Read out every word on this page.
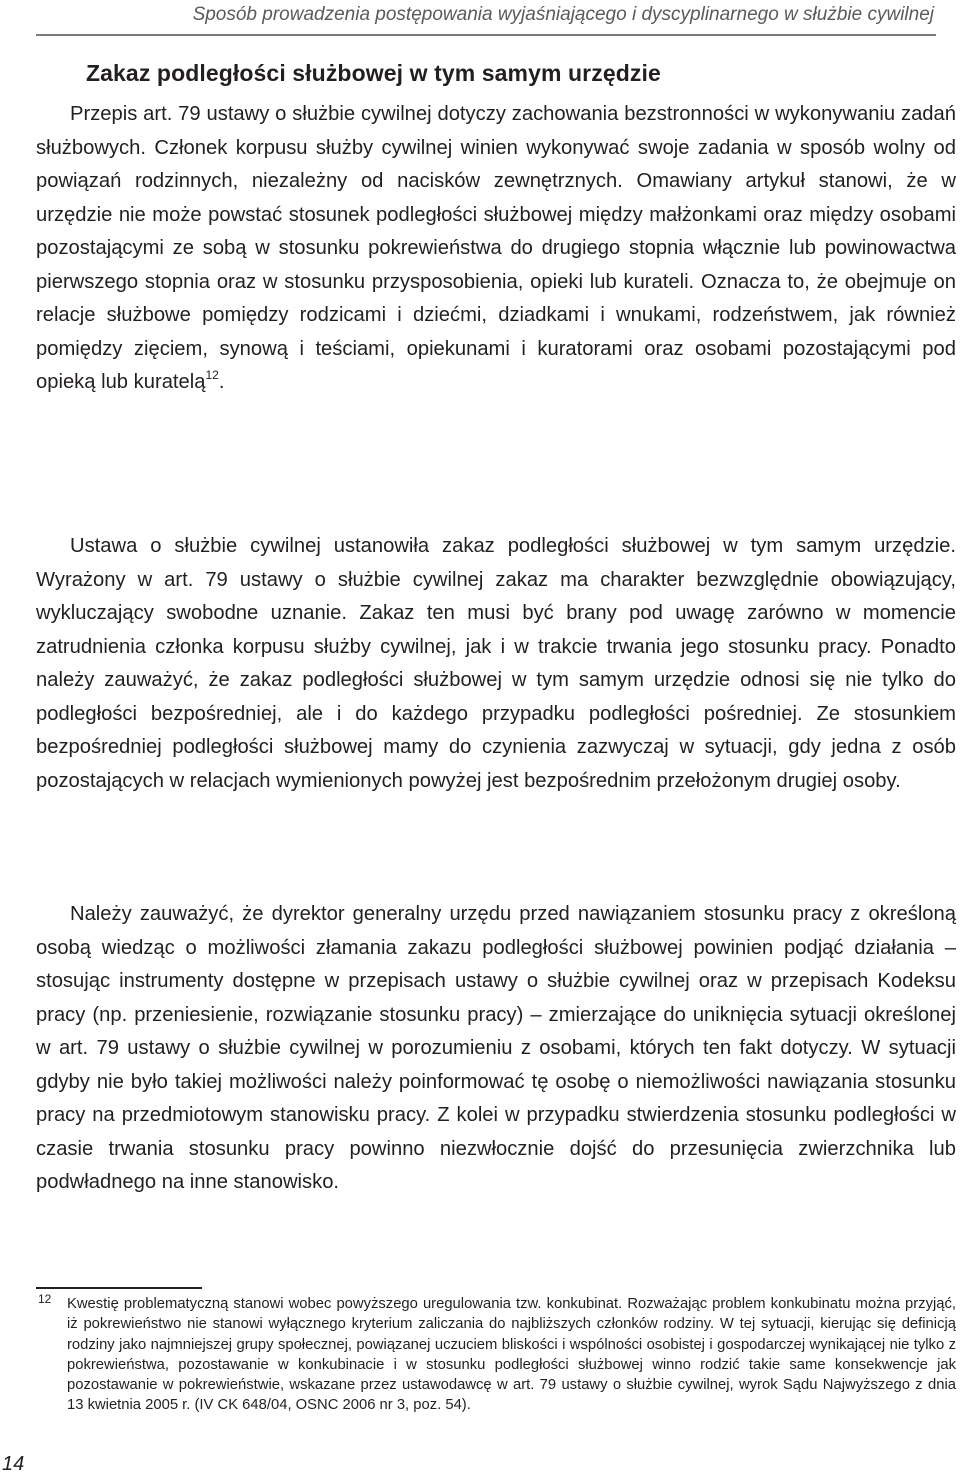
Sposób prowadzenia postępowania wyjaśniającego i dyscyplinarnego w służbie cywilnej
Zakaz podległości służbowej w tym samym urzędzie

Przepis art. 79 ustawy o służbie cywilnej dotyczy zachowania bezstronności w wykonywaniu zadań służbowych. Członek korpusu służby cywilnej winien wykonywać swoje zadania w sposób wolny od powiązań rodzinnych, niezależny od nacisków zewnętrznych. Omawiany artykuł stanowi, że w urzędzie nie może powstać stosunek podległości służbowej między małżonkami oraz między osobami pozostającymi ze sobą w stosunku pokrewieństwa do drugiego stopnia włącznie lub powinowactwa pierwszego stopnia oraz w stosunku przysposobienia, opieki lub kurateli. Oznacza to, że obejmuje on relacje służbowe pomiędzy rodzicami i dziećmi, dziadkami i wnukami, rodzeństwem, jak również pomiędzy zięciem, synową i teściami, opiekunami i kuratorami oraz osobami pozostającymi pod opieką lub kuratelą$^{12}$.

Ustawa o służbie cywilnej ustanowiła zakaz podległości służbowej w tym samym urzędzie. Wyrażony w art. 79 ustawy o służbie cywilnej zakaz ma charakter bezwzględnie obowiązujący, wykluczający swobodne uznanie. Zakaz ten musi być brany pod uwagę zarówno w momencie zatrudnienia członka korpusu służby cywilnej, jak i w trakcie trwania jego stosunku pracy. Ponadto należy zauważyć, że zakaz podległości służbowej w tym samym urzędzie odnosi się nie tylko do podległości bezpośredniej, ale i do każdego przypadku podległości pośredniej. Ze stosunkiem bezpośredniej podległości służbowej mamy do czynienia zazwyczaj w sytuacji, gdy jedna z osób pozostających w relacjach wymienionych powyżej jest bezpośrednim przełożonym drugiej osoby.

Należy zauważyć, że dyrektor generalny urzędu przed nawiązaniem stosunku pracy z określoną osobą wiedząc o możliwości złamania zakazu podległości służbowej powinien podjąć działania – stosując instrumenty dostępne w przepisach ustawy o służbie cywilnej oraz w przepisach Kodeksu pracy (np. przeniesienie, rozwiązanie stosunku pracy) – zmierzające do uniknięcia sytuacji określonej w art. 79 ustawy o służbie cywilnej w porozumieniu z osobami, których ten fakt dotyczy. W sytuacji gdyby nie było takiej możliwości należy poinformować tę osobę o niemożliwości nawiązania stosunku pracy na przedmiotowym stanowisku pracy. Z kolei w przypadku stwierdzenia stosunku podległości w czasie trwania stosunku pracy powinno niezwłocznie dojść do przesunięcia zwierzchnika lub podwładnego na inne stanowisko.

12 Kwestię problematyczną stanowi wobec powyższego uregulowania tzw. konkubinat. Rozważając problem konkubinatu można przyjąć, iż pokrewieństwo nie stanowi wyłącznego kryterium zaliczania do najbliższych członków rodziny. W tej sytuacji, kierując się definicją rodziny jako najmniejszej grupy społecznej, powiązanej uczuciem bliskości i wspólności osobistej i gospodarczej wynikającej nie tylko z pokrewieństwa, pozostawanie w konkubinacie i w stosunku podległości służbowej winno rodzić takie same konsekwencje jak pozostawanie w pokrewieństwie, wskazane przez ustawodawcę w art. 79 ustawy o służbie cywilnej, wyrok Sądu Najwyższego z dnia 13 kwietnia 2005 r. (IV CK 648/04, OSNC 2006 nr 3, poz. 54).

14
